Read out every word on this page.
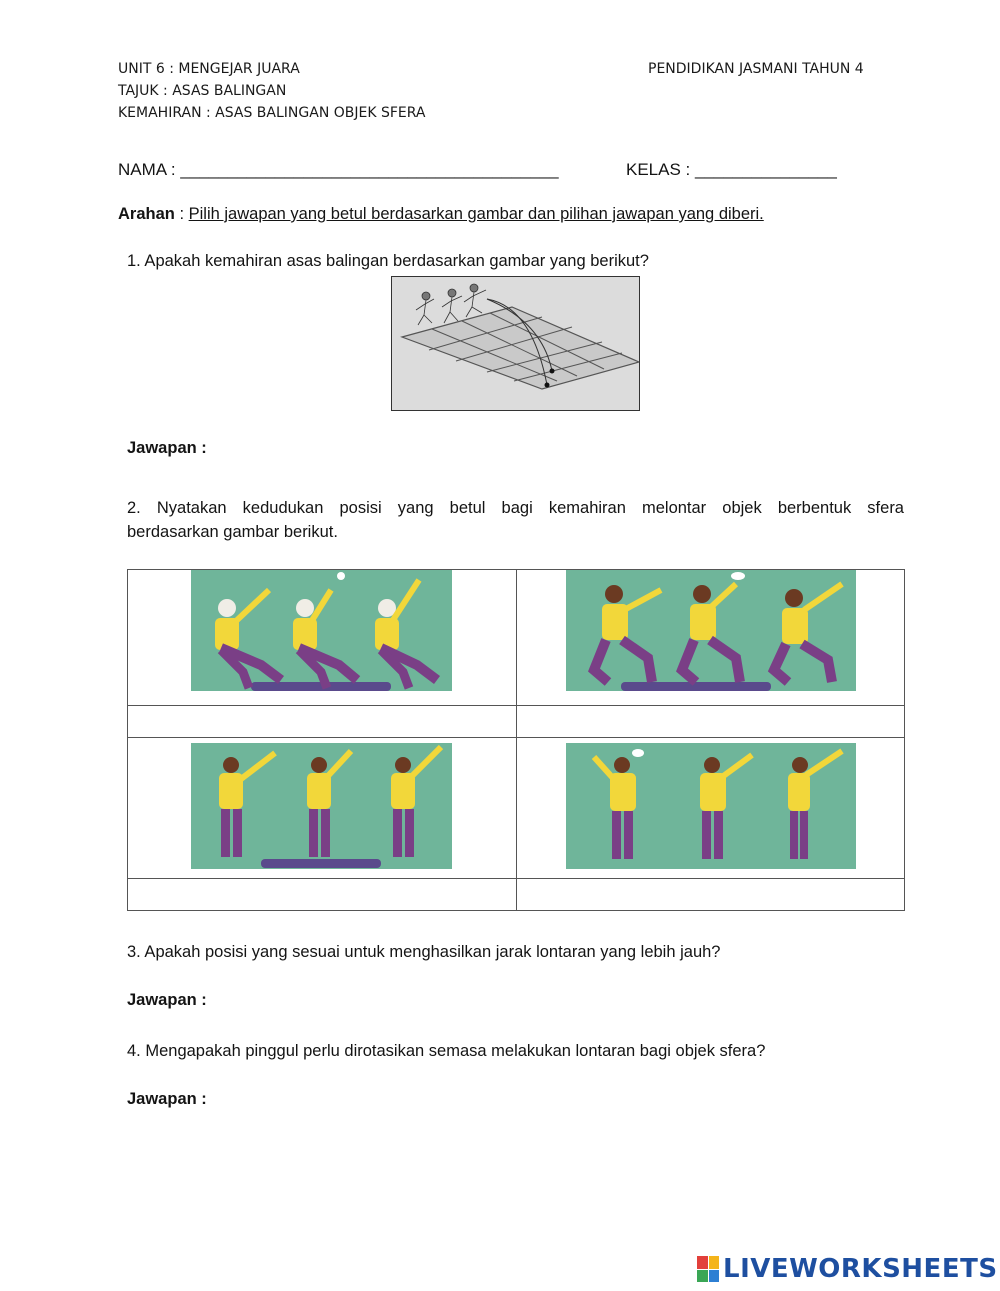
UNIT 6 : MENGEJAR JUARA	PENDIDIKAN JASMANI TAHUN 4
TAJUK : ASAS BALINGAN
KEMAHIRAN : ASAS BALINGAN OBJEK SFERA
NAMA : ________________________________________	KELAS : _______________
Arahan : Pilih jawapan yang betul berdasarkan gambar dan pilihan jawapan yang diberi.
1. Apakah kemahiran asas balingan berdasarkan gambar yang berikut?
Jawapan :
2. Nyatakan kedudukan posisi yang betul bagi kemahiran melontar objek berbentuk sfera
berdasarkan gambar berikut.

3. Apakah posisi yang sesuai untuk menghasilkan jarak lontaran yang lebih jauh?
Jawapan :
4. Mengapakah pinggul perlu dirotasikan semasa melakukan lontaran bagi objek sfera?
Jawapan :
LIVEWORKSHEETS
